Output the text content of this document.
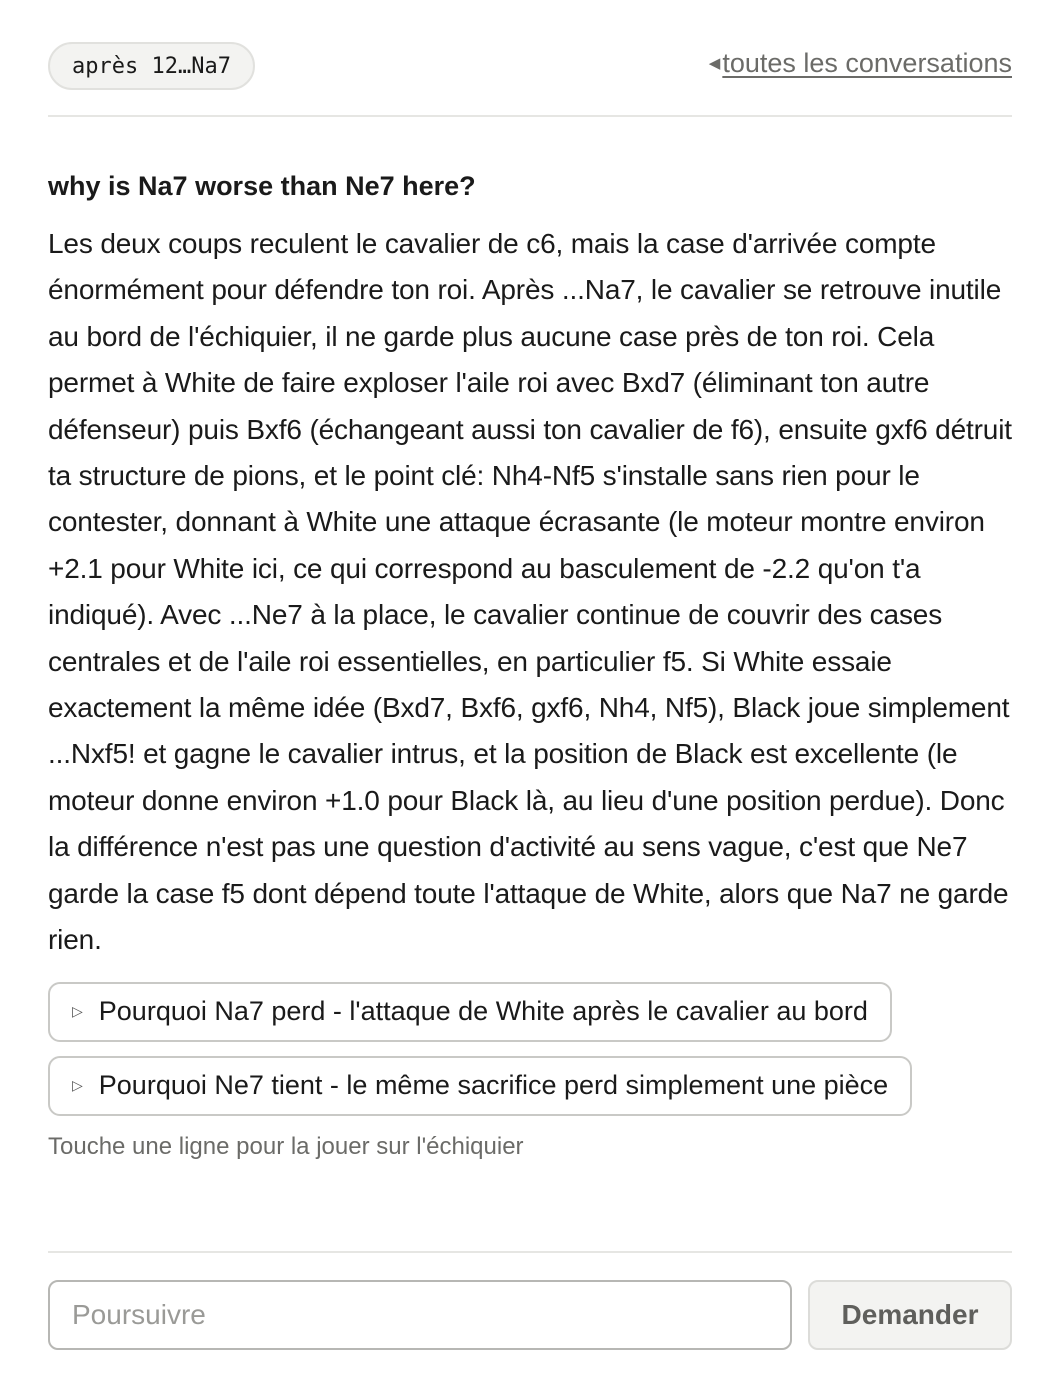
après 12…Na7	◀toutes les conversations
why is Na7 worse than Ne7 here?
Les deux coups reculent le cavalier de c6, mais la case d'arrivée compte énormément pour défendre ton roi. Après ...Na7, le cavalier se retrouve inutile au bord de l'échiquier, il ne garde plus aucune case près de ton roi. Cela permet à White de faire exploser l'aile roi avec Bxd7 (éliminant ton autre défenseur) puis Bxf6 (échangeant aussi ton cavalier de f6), ensuite gxf6 détruit ta structure de pions, et le point clé: Nh4-Nf5 s'installe sans rien pour le contester, donnant à White une attaque écrasante (le moteur montre environ +2.1 pour White ici, ce qui correspond au basculement de -2.2 qu'on t'a indiqué). Avec ...Ne7 à la place, le cavalier continue de couvrir des cases centrales et de l'aile roi essentielles, en particulier f5. Si White essaie exactement la même idée (Bxd7, Bxf6, gxf6, Nh4, Nf5), Black joue simplement ...Nxf5! et gagne le cavalier intrus, et la position de Black est excellente (le moteur donne environ +1.0 pour Black là, au lieu d'une position perdue). Donc la différence n'est pas une question d'activité au sens vague, c'est que Ne7 garde la case f5 dont dépend toute l'attaque de White, alors que Na7 ne garde rien.
▷ Pourquoi Na7 perd - l'attaque de White après le cavalier au bord
▷ Pourquoi Ne7 tient - le même sacrifice perd simplement une pièce
Touche une ligne pour la jouer sur l'échiquier
Poursuivre
Demander
